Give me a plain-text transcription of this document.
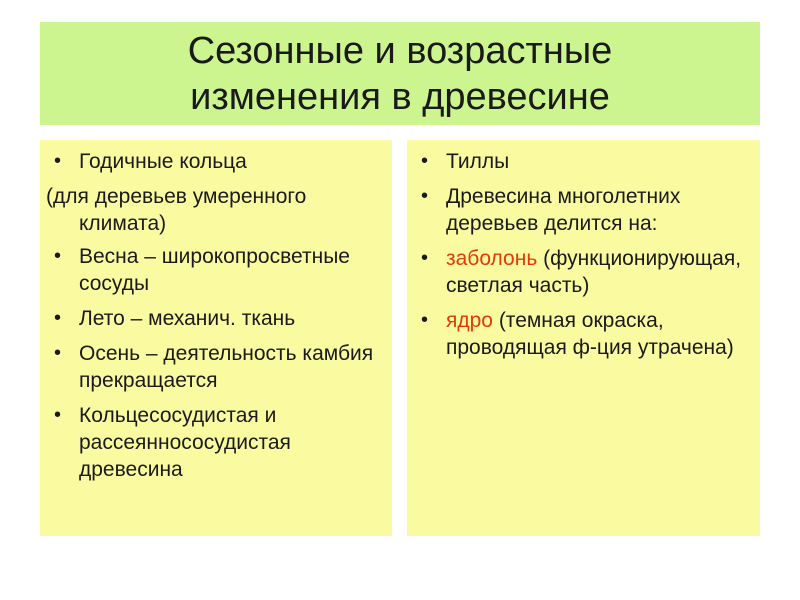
Сезонные и возрастные
изменения в древесине
• Годичные кольца
(для деревьев умеренного
климата)
• Весна – широкопросветные сосуды
• Лето – механич. ткань
• Осень – деятельность камбия прекращается
• Кольцесосудистая и рассеяннососудистая древесина
• Тиллы
• Древесина многолетних деревьев делится на:
• заболонь (функционирующая, светлая часть)
• ядро (темная окраска, проводящая ф-ция утрачена)
